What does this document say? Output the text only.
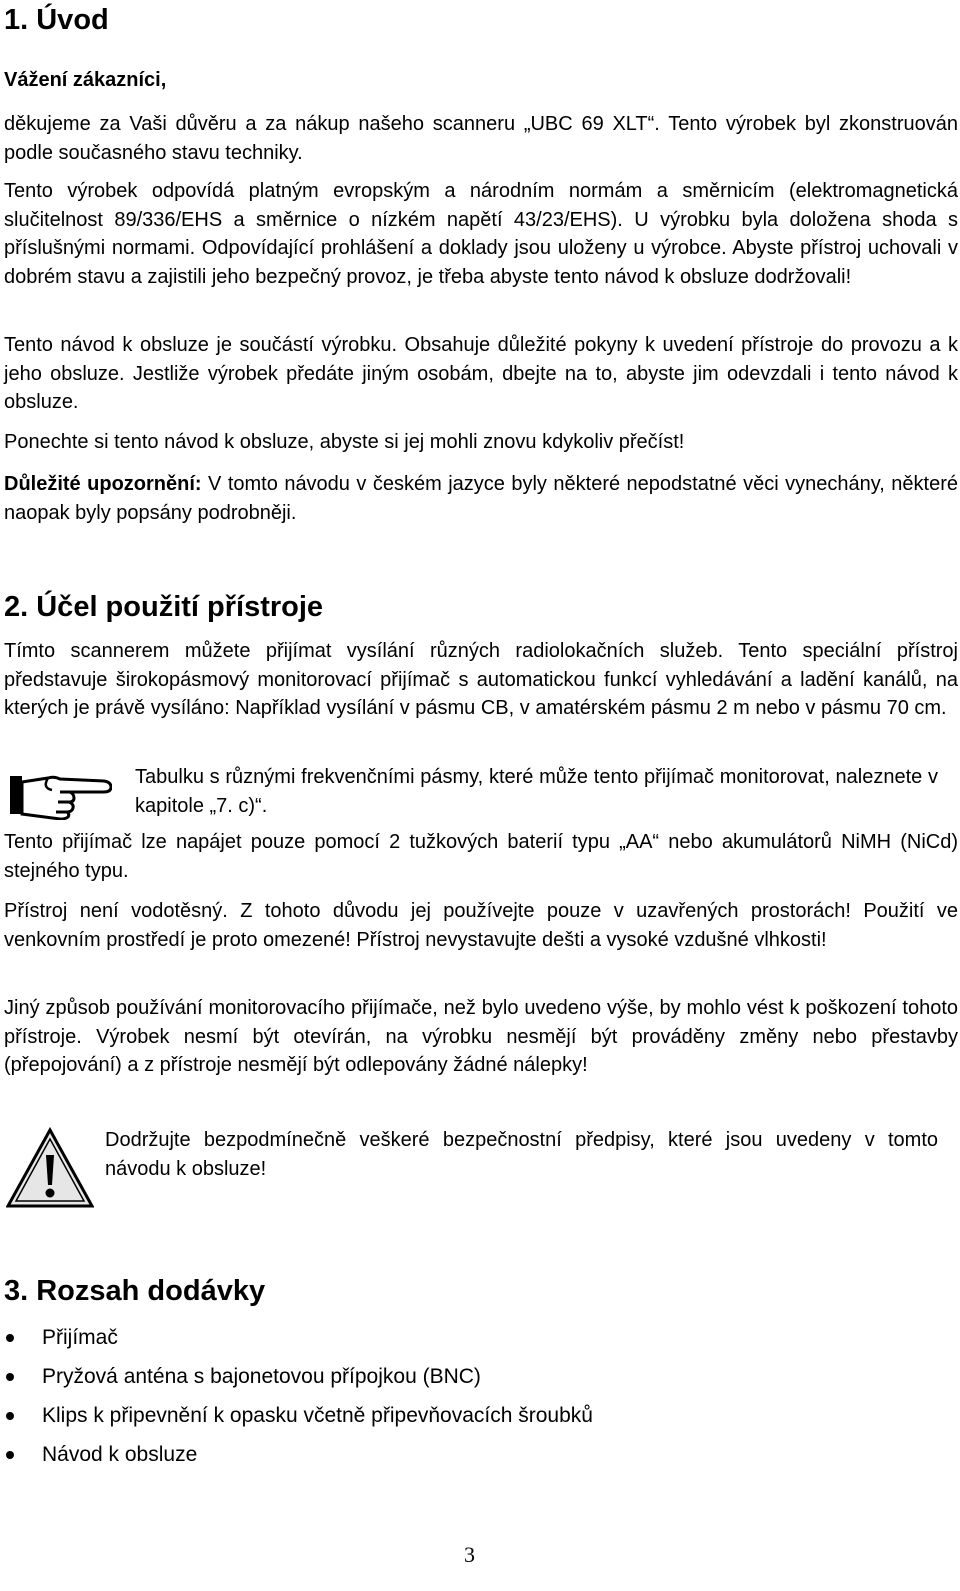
1. Úvod
Vážení zákazníci,

děkujeme za Vaši důvěru a za nákup našeho scanneru „UBC 69 XLT“. Tento výrobek byl zkonstruován podle současného stavu techniky.

Tento výrobek odpovídá platným evropským a národním normám a směrnicím (elektromagnetická slučitelnost 89/336/EHS a směrnice o nízkém napětí 43/23/EHS). U výrobku byla doložena shoda s příslušnými normami. Odpovídající prohlášení a doklady jsou uloženy u výrobce. Abyste přístroj uchovali v dobrém stavu a zajistili jeho bezpečný provoz, je třeba abyste tento návod k obsluze dodržovali!

Tento návod k obsluze je součástí výrobku. Obsahuje důležité pokyny k uvedení přístroje do provozu a k jeho obsluze. Jestliže výrobek předáte jiným osobám, dbejte na to, abyste jim odevzdali i tento návod k obsluze.

Ponechte si tento návod k obsluze, abyste si jej mohli znovu kdykoliv přečíst!

Důležité upozornění: V tomto návodu v českém jazyce byly některé nepodstatné věci vynechány, některé naopak byly popsány podrobněji.

2. Účel použití přístroje

Tímto scannerem můžete přijímat vysílání různých radiolokačních služeb. Tento speciální přístroj představuje širokopásmový monitorovací přijímač s automatickou funkcí vyhledávání a ladění kanálů, na kterých je právě vysíláno: Například vysílání v pásmu CB, v amatérském pásmu 2 m nebo v pásmu 70 cm.

Tabulku s různými frekvenčními pásmy, které může tento přijímač monitorovat, naleznete v kapitole „7. c)“.

Tento přijímač lze napájet pouze pomocí 2 tužkových baterií typu „AA“ nebo akumulátorů NiMH (NiCd) stejného typu.

Přístroj není vodotěsný. Z tohoto důvodu jej používejte pouze v uzavřených prostorách! Použití ve venkovním prostředí je proto omezené! Přístroj nevystavujte dešti a vysoké vzdušné vlhkosti!

Jiný způsob používání monitorovacího přijímače, než bylo uvedeno výše, by mohlo vést k poškození tohoto přístroje. Výrobek nesmí být otevírán, na výrobku nesmějí být prováděny změny nebo přestavby (přepojování) a z přístroje nesmějí být odlepovány žádné nálepky!

Dodržujte bezpodmínečně veškeré bezpečnostní předpisy, které jsou uvedeny v tomto návodu k obsluze!

3. Rozsah dodávky
Přijímač
Pryžová anténa s bajonetovou přípojkou (BNC)
Klips k připevnění k opasku včetně připevňovacích šroubků
Návod k obsluze
3
